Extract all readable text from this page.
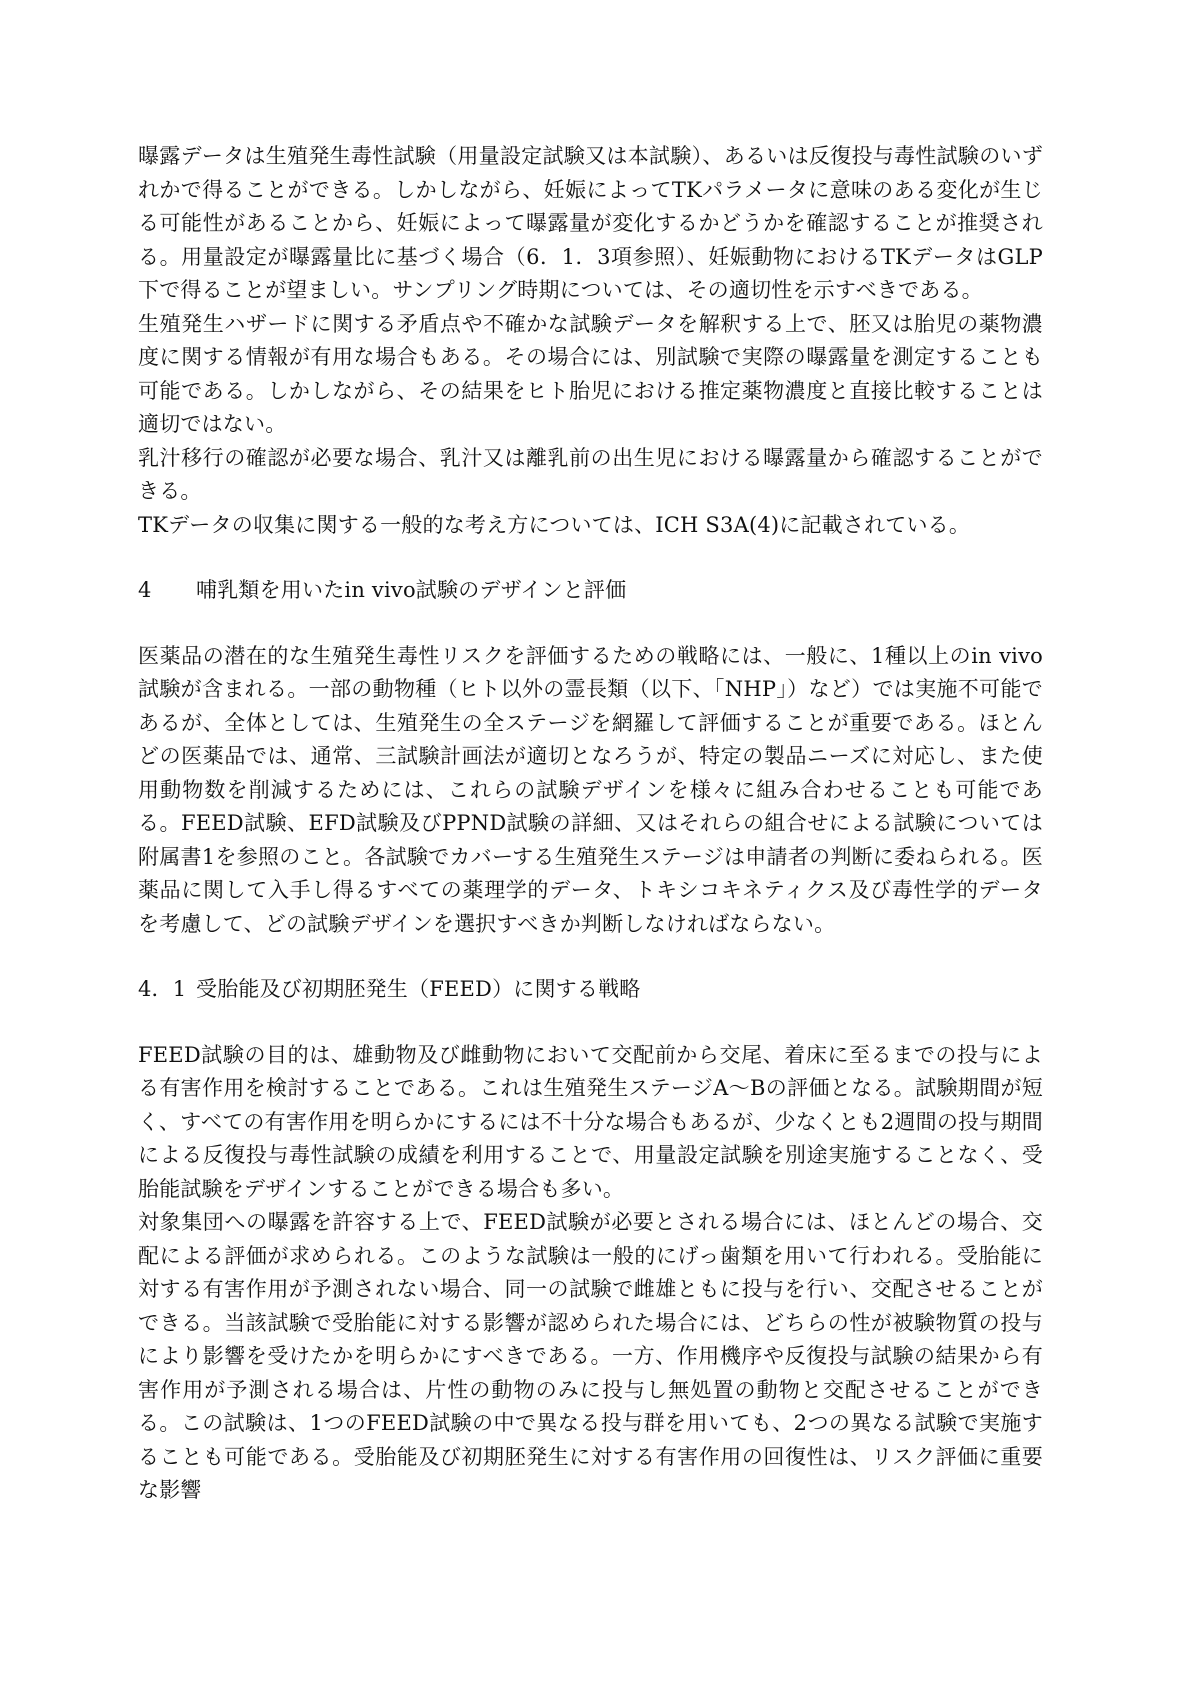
曝露データは生殖発生毒性試験（用量設定試験又は本試験）、あるいは反復投与毒性試験のいずれかで得ることができる。しかしながら、妊娠によってTKパラメータに意味のある変化が生じる可能性があることから、妊娠によって曝露量が変化するかどうかを確認することが推奨される。用量設定が曝露量比に基づく場合（6．1．3項参照）、妊娠動物におけるTKデータはGLP下で得ることが望ましい。サンプリング時期については、その適切性を示すべきである。

生殖発生ハザードに関する矛盾点や不確かな試験データを解釈する上で、胚又は胎児の薬物濃度に関する情報が有用な場合もある。その場合には、別試験で実際の曝露量を測定することも可能である。しかしながら、その結果をヒト胎児における推定薬物濃度と直接比較することは適切ではない。

乳汁移行の確認が必要な場合、乳汁又は離乳前の出生児における曝露量から確認することができる。

TKデータの収集に関する一般的な考え方については、ICH S3A(4)に記載されている。

4 哺乳類を用いたin vivo試験のデザインと評価

医薬品の潜在的な生殖発生毒性リスクを評価するための戦略には、一般に、1種以上のin vivo試験が含まれる。一部の動物種（ヒト以外の霊長類（以下、「NHP」）など）では実施不可能であるが、全体としては、生殖発生の全ステージを網羅して評価することが重要である。ほとんどの医薬品では、通常、三試験計画法が適切となろうが、特定の製品ニーズに対応し、また使用動物数を削減するためには、これらの試験デザインを様々に組み合わせることも可能である。FEED試験、EFD試験及びPPND試験の詳細、又はそれらの組合せによる試験については附属書1を参照のこと。各試験でカバーする生殖発生ステージは申請者の判断に委ねられる。医薬品に関して入手し得るすべての薬理学的データ、トキシコキネティクス及び毒性学的データを考慮して、どの試験デザインを選択すべきか判断しなければならない。

4．1 受胎能及び初期胚発生（FEED）に関する戦略

FEED試験の目的は、雄動物及び雌動物において交配前から交尾、着床に至るまでの投与による有害作用を検討することである。これは生殖発生ステージA～Bの評価となる。試験期間が短く、すべての有害作用を明らかにするには不十分な場合もあるが、少なくとも2週間の投与期間による反復投与毒性試験の成績を利用することで、用量設定試験を別途実施することなく、受胎能試験をデザインすることができる場合も多い。

対象集団への曝露を許容する上で、FEED試験が必要とされる場合には、ほとんどの場合、交配による評価が求められる。このような試験は一般的にげっ歯類を用いて行われる。受胎能に対する有害作用が予測されない場合、同一の試験で雌雄ともに投与を行い、交配させることができる。当該試験で受胎能に対する影響が認められた場合には、どちらの性が被験物質の投与により影響を受けたかを明らかにすべきである。一方、作用機序や反復投与試験の結果から有害作用が予測される場合は、片性の動物のみに投与し無処置の動物と交配させることができる。この試験は、1つのFEED試験の中で異なる投与群を用いても、2つの異なる試験で実施することも可能である。受胎能及び初期胚発生に対する有害作用の回復性は、リスク評価に重要な影響
